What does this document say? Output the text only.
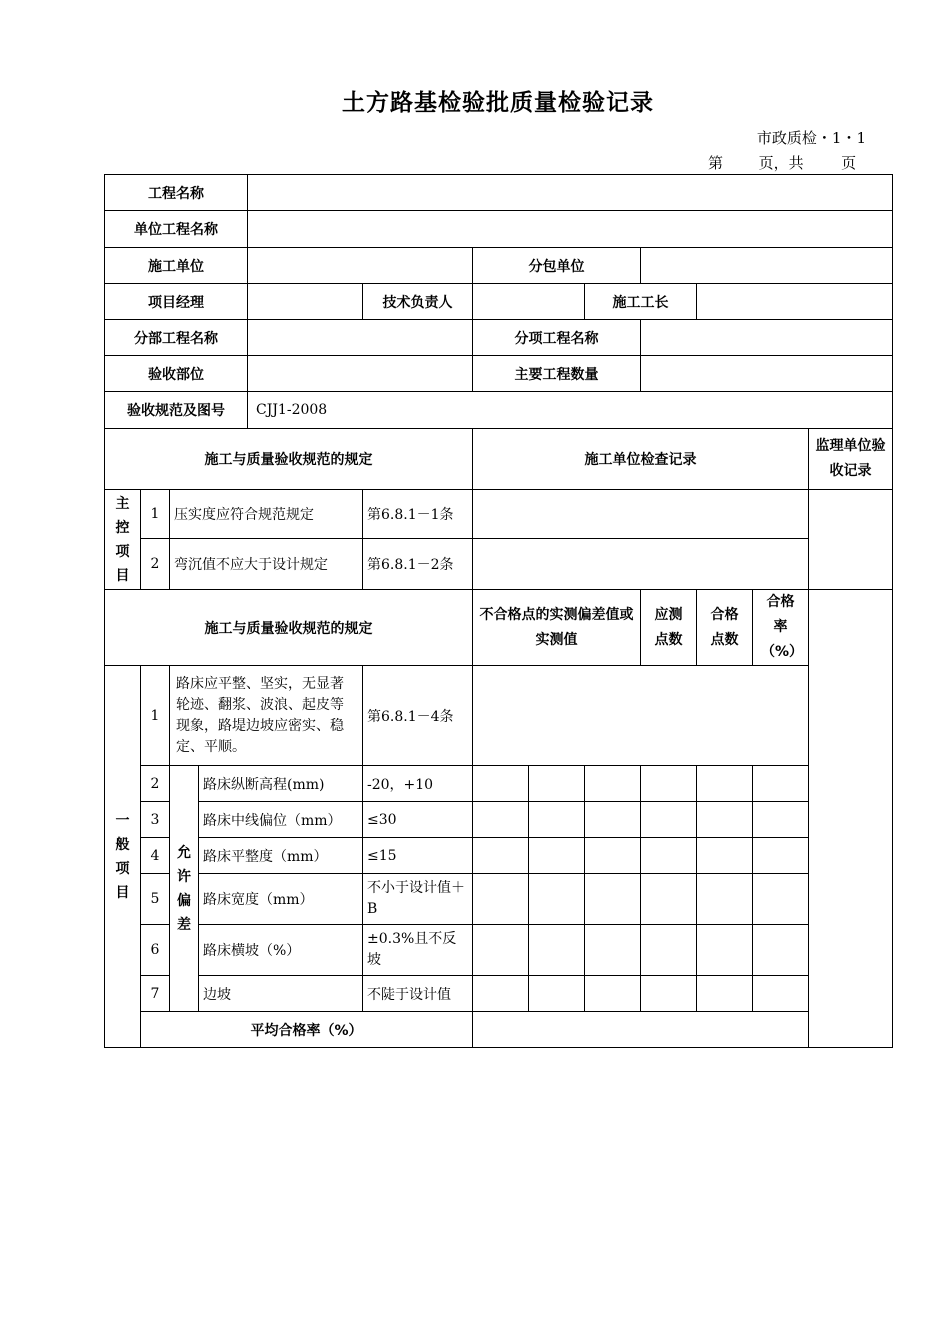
土方路基检验批质量检验记录
市政质检・1・1
第 页，共	页
工程名称												
单位工程名称												
施工单位						分包单位						
项目经理					技术负责人			施工工长				
分部工程名称						分项工程名称						
验收部位						主要工程数量						
验收规范及图号				CJJ1-2008								
施工与质量验收规范的规定						施工单位检查记录						监理单位验收记录
主控项目	1	压实度应符合规范规定			第6.8.1－1条							
	2	弯沉值不应大于设计规定			第6.8.1－2条							
施工与质量验收规范的规定						不合格点的实测偏差值或实测值			应测点数	合格点数	合格率（%）	
一般项目	1	路床应平整、坚实，无显著轮迹、翻浆、波浪、起皮等现象，路堤边坡应密实、稳定、平顺。			第6.8.1－4条							
	2	允许偏差	路床纵断高程(mm)		-20，+10							
	3		路床中线偏位（mm）		≤30							
	4		路床平整度（mm）		≤15							
	5		路床宽度（mm）		不小于设计值＋B							
	6		路床横坡（%）		±0.3%且不反坡							
	7		边坡		不陡于设计值							
	平均合格率（%）											
